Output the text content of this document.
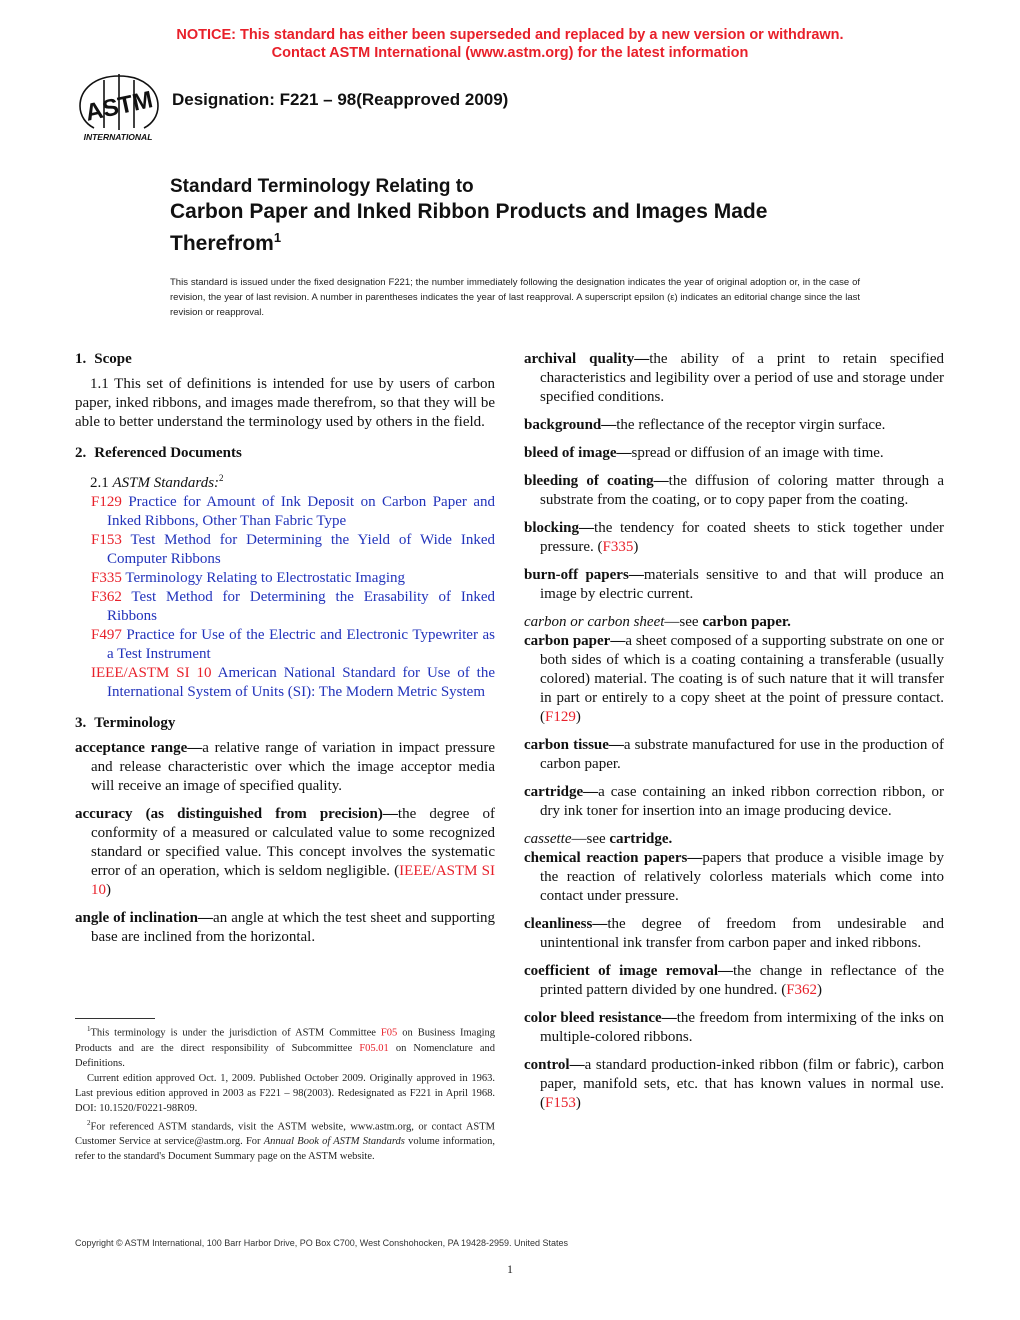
NOTICE: This standard has either been superseded and replaced by a new version or withdrawn.
Contact ASTM International (www.astm.org) for the latest information
ASTM
INTERNATIONAL
Designation: F221 – 98(Reapproved 2009)
Standard Terminology Relating to
Carbon Paper and Inked Ribbon Products and Images Made
Therefrom$^1$
This standard is issued under the fixed designation F221; the number immediately following the designation indicates the year of original adoption or, in the case of revision, the year of last revision. A number in parentheses indicates the year of last reapproval. A superscript epsilon (ε) indicates an editorial change since the last revision or reapproval.
1. Scope

1.1 This set of definitions is intended for use by users of carbon paper, inked ribbons, and images made therefrom, so that they will be able to better understand the terminology used by others in the field.

2. Referenced Documents

2.1 ASTM Standards:$^2$

F129 Practice for Amount of Ink Deposit on Carbon Paper and Inked Ribbons, Other Than Fabric Type

F153 Test Method for Determining the Yield of Wide Inked Computer Ribbons

F335 Terminology Relating to Electrostatic Imaging

F362 Test Method for Determining the Erasability of Inked Ribbons

F497 Practice for Use of the Electric and Electronic Typewriter as a Test Instrument

IEEE/ASTM SI 10 American National Standard for Use of the International System of Units (SI): The Modern Metric System

3. Terminology

acceptance range—a relative range of variation in impact pressure and release characteristic over which the image acceptor media will receive an image of specified quality.

accuracy (as distinguished from precision)—the degree of conformity of a measured or calculated value to some recognized standard or specified value. This concept involves the systematic error of an operation, which is seldom negligible. (IEEE/ASTM SI 10)

angle of inclination—an angle at which the test sheet and supporting base are inclined from the horizontal.

$^1$This terminology is under the jurisdiction of ASTM Committee F05 on Business Imaging Products and are the direct responsibility of Subcommittee F05.01 on Nomenclature and Definitions.

Current edition approved Oct. 1, 2009. Published October 2009. Originally approved in 1963. Last previous edition approved in 2003 as F221 – 98(2003). Redesignated as F221 in April 1968. DOI: 10.1520/F0221-98R09.

$^2$For referenced ASTM standards, visit the ASTM website, www.astm.org, or contact ASTM Customer Service at service@astm.org. For Annual Book of ASTM Standards volume information, refer to the standard's Document Summary page on the ASTM website.

archival quality—the ability of a print to retain specified characteristics and legibility over a period of use and storage under specified conditions.

background—the reflectance of the receptor virgin surface.

bleed of image—spread or diffusion of an image with time.

bleeding of coating—the diffusion of coloring matter through a substrate from the coating, or to copy paper from the coating.

blocking—the tendency for coated sheets to stick together under pressure. (F335)

burn-off papers—materials sensitive to and that will produce an image by electric current.

carbon or carbon sheet—see carbon paper.

carbon paper—a sheet composed of a supporting substrate on one or both sides of which is a coating containing a transferable (usually colored) material. The coating is of such nature that it will transfer in part or entirely to a copy sheet at the point of pressure contact. (F129)

carbon tissue—a substrate manufactured for use in the production of carbon paper.

cartridge—a case containing an inked ribbon correction ribbon, or dry ink toner for insertion into an image producing device.

cassette—see cartridge.

chemical reaction papers—papers that produce a visible image by the reaction of relatively colorless materials which come into contact under pressure.

cleanliness—the degree of freedom from undesirable and unintentional ink transfer from carbon paper and inked ribbons.

coefficient of image removal—the change in reflectance of the printed pattern divided by one hundred. (F362)

color bleed resistance—the freedom from intermixing of the inks on multiple-colored ribbons.

control—a standard production-inked ribbon (film or fabric), carbon paper, manifold sets, etc. that has known values in normal use. (F153)

Copyright © ASTM International, 100 Barr Harbor Drive, PO Box C700, West Conshohocken, PA 19428-2959. United States
1
